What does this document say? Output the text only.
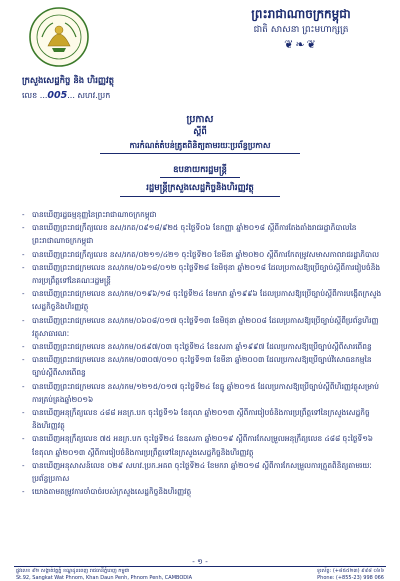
ព្រះរាជាណាចក្រកម្ពុជា
ជាតិ សាសនា ព្រះមហាក្សត្រ
❦❧❦
ក្រសួងសេដ្ឋកិច្ច និង ហិរញ្ញវត្ថុ
លេខ ...005... សហវ.ប្រក
ប្រកាស
ស្ដីពី
ការកំណត់តំបន់ត្រូតពិនិត្យតាមរយៈប្រព័ន្ធប្រកាស
ឧបនាយករដ្ឋមន្ត្រី
រដ្ឋមន្ត្រីក្រសួងសេដ្ឋកិច្ចនិងហិរញ្ញវត្ថុ
- បានឃើញរដ្ឋធម្មនុញ្ញនៃព្រះរាជាណាចក្រកម្ពុជា
- បានឃើញព្រះរាជក្រឹត្យលេខ នស/រកត/០៩១៨/៩២៥ ចុះថ្ងៃទី០៦ ខែកញ្ញា ឆ្នាំ២០១៨ ស្ដីពីការតែងតាំងរាជរដ្ឋាភិបាលនៃព្រះរាជាណាចក្រកម្ពុជា
- បានឃើញព្រះរាជក្រឹត្យលេខ នស/រកត/០២១១/៤២១ ចុះថ្ងៃទី២០ ខែមីនា ឆ្នាំ២០២០ ស្ដីពីការកែតម្រូវសមាសភាពរាជរដ្ឋាភិបាល
- បានឃើញព្រះរាជក្រមលេខ នស/រកម/០៦១៨/០១២ ចុះថ្ងៃទី២៨ ខែមិថុនា ឆ្នាំ២០១៨ ដែលប្រកាសឱ្យប្រើច្បាប់ស្ដីពីការរៀបចំនិងការប្រព្រឹត្តទៅនៃគណៈរដ្ឋមន្ត្រី
- បានឃើញព្រះរាជក្រមលេខ នស/រកម/០១៩៦/១៨ ចុះថ្ងៃទី២៤ ខែមករា ឆ្នាំ១៩៩៦ ដែលប្រកាសឱ្យប្រើច្បាប់ស្ដីពីការបង្កើតក្រសួងសេដ្ឋកិច្ចនិងហិរញ្ញវត្ថុ
- បានឃើញព្រះរាជក្រមលេខ នស/រកម/០៦០៨/០១៧ ចុះថ្ងៃទី១៣ ខែមិថុនា ឆ្នាំ២០០៨ ដែលប្រកាសឱ្យប្រើច្បាប់ស្ដីពីប្រព័ន្ធហិរញ្ញវត្ថុសាធារណៈ
- បានឃើញព្រះរាជក្រមលេខ នស/រកម/០៥៩៧/០៣ ចុះថ្ងៃទី២៤ ខែឧសភា ឆ្នាំ១៩៩៧ ដែលប្រកាសឱ្យប្រើច្បាប់ស្ដីពីសារពើពន្ធ
- បានឃើញព្រះរាជក្រមលេខ នស/រកម/០៣០៧/០១០ ចុះថ្ងៃទី១៣ ខែមីនា ឆ្នាំ២០០៣ ដែលប្រកាសឱ្យប្រើច្បាប់វិសោធនកម្មនៃច្បាប់ស្ដីពីសារពើពន្ធ
- បានឃើញព្រះរាជក្រមលេខ នស/រកម/១២១៥/០១៧ ចុះថ្ងៃទី២៤ ខែធ្នូ ឆ្នាំ២០១៥ ដែលប្រកាសឱ្យប្រើច្បាប់ស្ដីពីហិរញ្ញវត្ថុសម្រាប់ការគ្រប់គ្រងឆ្នាំ២០១៦
- បានឃើញអនុក្រឹត្យលេខ ៤៨៨ អនក្រ.បក ចុះថ្ងៃទី១៦ ខែតុលា ឆ្នាំ២០១៣ ស្ដីពីការរៀបចំនិងការប្រព្រឹត្តទៅនៃក្រសួងសេដ្ឋកិច្ចនិងហិរញ្ញវត្ថុ
- បានឃើញអនុក្រឹត្យលេខ ៧៥ អនក្រ.បក ចុះថ្ងៃទី២៤ ខែឧសភា ឆ្នាំ២០១៩ ស្ដីពីការកែសម្រួលអនុក្រឹត្យលេខ ៤៨៨ ចុះថ្ងៃទី១៦ ខែតុលា ឆ្នាំ២០១៣ ស្ដីពីការរៀបចំនិងការប្រព្រឹត្តទៅនៃក្រសួងសេដ្ឋកិច្ចនិងហិរញ្ញវត្ថុ
- បានឃើញអនុសាសន៍លេខ ០២៩ សហវ.ប្រក.អគព ចុះថ្ងៃទី២៤ ខែមករា ឆ្នាំ២០១៨ ស្ដីពីការកែសម្រួលការត្រួតពិនិត្យតាមរយៈប្រព័ន្ធប្រកាស
- យោងតាមតម្រូវការចាំបាច់របស់ក្រសួងសេដ្ឋកិច្ចនិងហិរញ្ញវត្ថុ
- ១ -
ផ្លូវលេខ ៩២ សង្កាត់វត្តភ្នំ ខណ្ឌដូនពេញ រាជធានីភ្នំពេញ កម្ពុជា
St.92, Sangkat Wat Phnom, Khan Daun Penh, Phnom Penh, CAMBODIA
ទូរស័ព្ទ: (+៨៥៥២៣) ៩៩៨ ០៦៦
Phone: (+855-23) 998 066
